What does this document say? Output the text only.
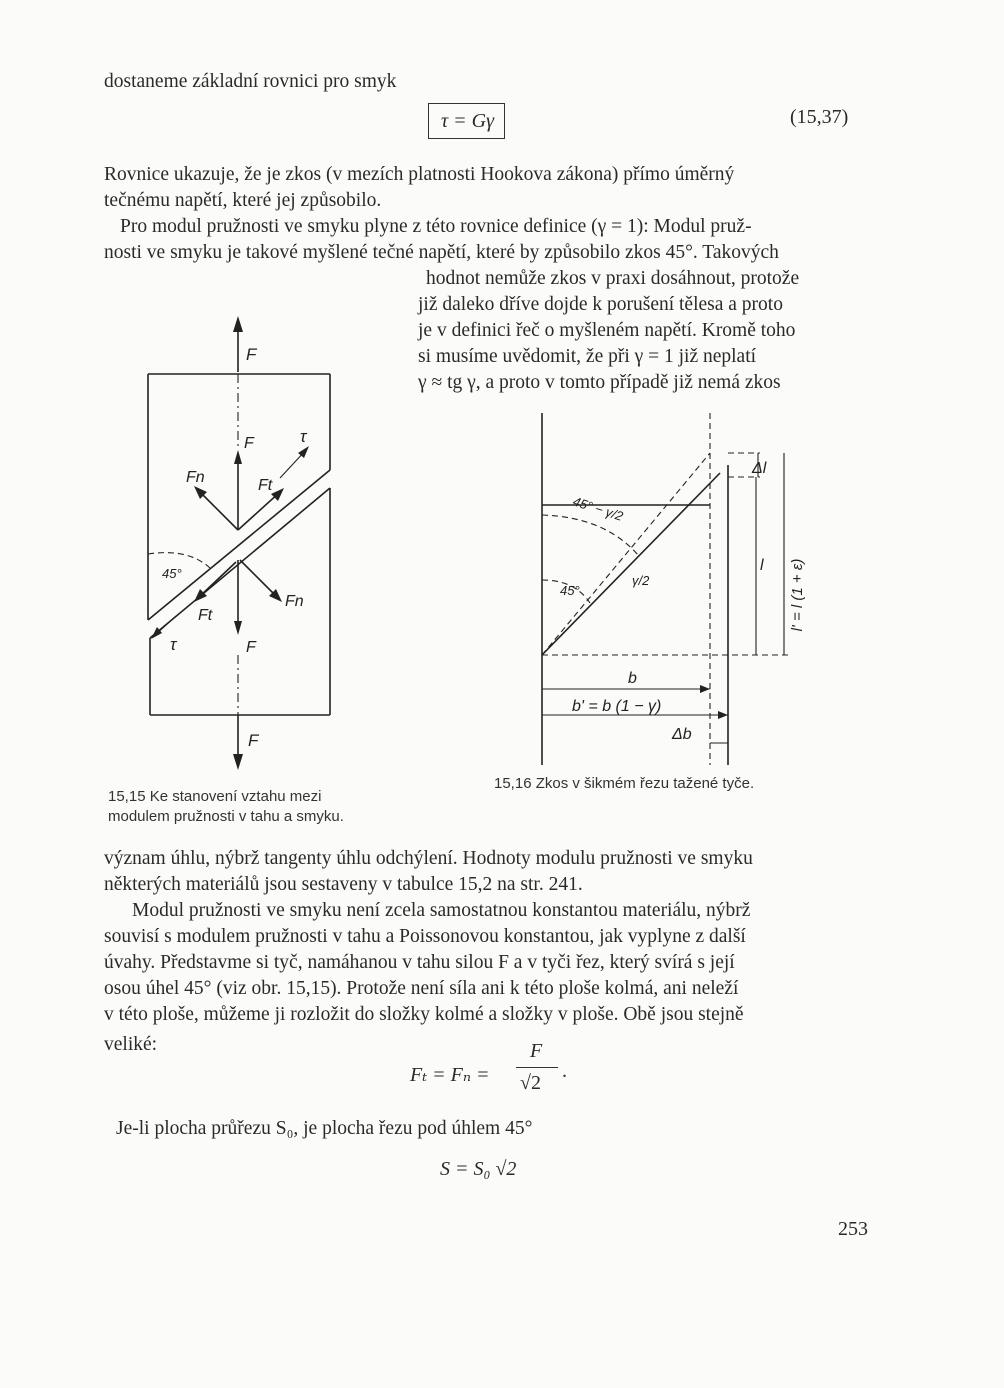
dostaneme základní rovnici pro smyk
τ = Gγ	(15,37)
Rovnice ukazuje, že je zkos (v mezích platnosti Hookova zákona) přímo úměrný
tečnému napětí, které jej způsobilo.
Pro modul pružnosti ve smyku plyne z této rovnice definice (γ = 1): Modul pruž-
nosti ve smyku je takové myšlené tečné napětí, které by způsobilo zkos 45°. Takových
hodnot nemůže zkos v praxi dosáhnout, protože
již daleko dříve dojde k porušení tělesa a proto
je v definici řeč o myšleném napětí. Kromě toho
si musíme uvědomit, že při γ = 1 již neplatí
γ ≈ tg γ, a proto v tomto případě již nemá zkos
F
F
Fn	Ft
τ
45°
F
Fn
Ft
τ
F
45° − γ/2
45°
γ/2
Δl
l l' = l (1 + ε)
b
b' = b (1 − γ)
Δb
15,15 Ke stanovení vztahu mezi
modulem pružnosti v tahu a smyku.
15,16 Zkos v šikmém řezu tažené tyče.
význam úhlu, nýbrž tangenty úhlu odchýlení. Hodnoty modulu pružnosti ve smyku
některých materiálů jsou sestaveny v tabulce 15,2 na str. 241.
Modul pružnosti ve smyku není zcela samostatnou konstantou materiálu, nýbrž
souvisí s modulem pružnosti v tahu a Poissonovou konstantou, jak vyplyne z další
úvahy. Představme si tyč, namáhanou v tahu silou F a v tyči řez, který svírá s její
osou úhel 45° (viz obr. 15,15). Protože není síla ani k této ploše kolmá, ani neleží
v této ploše, můžeme ji rozložit do složky kolmé a složky v ploše. Obě jsou stejně
veliké:
Fₜ = Fₙ =
F
√2
.
Je-li plocha průřezu S₀, je plocha řezu pod úhlem 45°
S = S₀ √2
253
